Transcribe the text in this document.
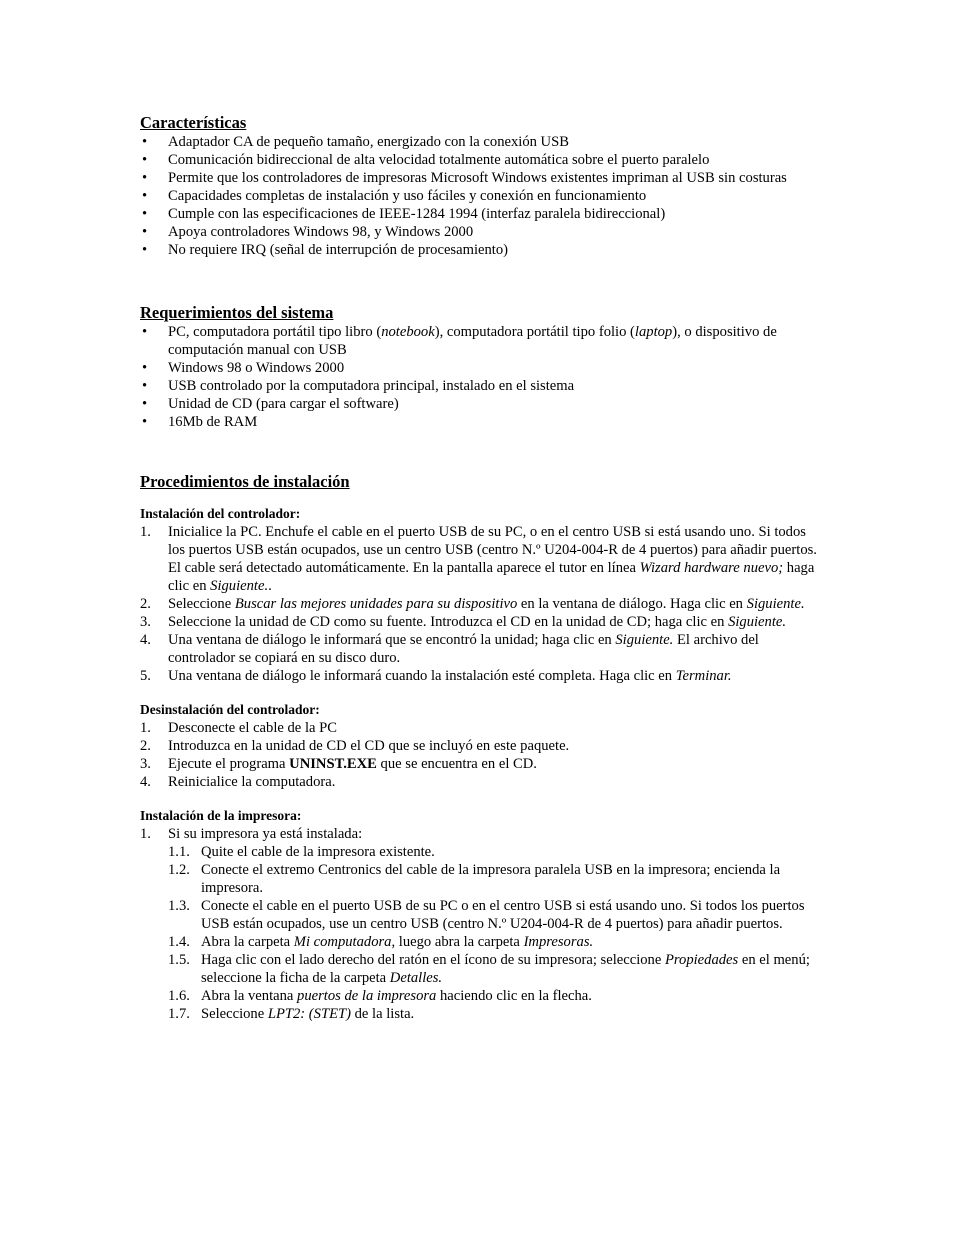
Características
• Adaptador CA de pequeño tamaño, energizado con la conexión USB
• Comunicación bidireccional de alta velocidad totalmente automática sobre el puerto paralelo
• Permite que los controladores de impresoras Microsoft Windows existentes impriman al USB sin costuras
• Capacidades completas de instalación y uso fáciles y conexión en funcionamiento
• Cumple con las especificaciones de IEEE-1284 1994 (interfaz paralela bidireccional)
• Apoya controladores Windows 98, y Windows 2000
• No requiere IRQ (señal de interrupción de procesamiento)
Requerimientos del sistema
• PC, computadora portátil tipo libro (notebook), computadora portátil tipo folio (laptop), o dispositivo de computación manual con USB
• Windows 98 o Windows 2000
• USB controlado por la computadora principal, instalado en el sistema
• Unidad de CD (para cargar el software)
• 16Mb de RAM
Procedimientos de instalación
Instalación del controlador:
1. Inicialice la PC. Enchufe el cable en el puerto USB de su PC, o en el centro USB si está usando uno. Si todos los puertos USB están ocupados, use un centro USB (centro N.º U204-004-R de 4 puertos) para añadir puertos. El cable será detectado automáticamente. En la pantalla aparece el tutor en línea Wizard hardware nuevo; haga clic en Siguiente..
2. Seleccione Buscar las mejores unidades para su dispositivo en la ventana de diálogo. Haga clic en Siguiente.
3. Seleccione la unidad de CD como su fuente. Introduzca el CD en la unidad de CD; haga clic en Siguiente.
4. Una ventana de diálogo le informará que se encontró la unidad; haga clic en Siguiente. El archivo del controlador se copiará en su disco duro.
5. Una ventana de diálogo le informará cuando la instalación esté completa. Haga clic en Terminar.
Desinstalación del controlador:
1. Desconecte el cable de la PC
2. Introduzca en la unidad de CD el CD que se incluyó en este paquete.
3. Ejecute el programa UNINST.EXE que se encuentra en el CD.
4. Reinicialice la computadora.
Instalación de la impresora:
1. Si su impresora ya está instalada:
1.1. Quite el cable de la impresora existente.
1.2. Conecte el extremo Centronics del cable de la impresora paralela USB en la impresora; encienda la impresora.
1.3. Conecte el cable en el puerto USB de su PC o en el centro USB si está usando uno. Si todos los puertos USB están ocupados, use un centro USB (centro N.º U204-004-R de 4 puertos) para añadir puertos.
1.4. Abra la carpeta Mi computadora, luego abra la carpeta Impresoras.
1.5. Haga clic con el lado derecho del ratón en el ícono de su impresora; seleccione Propiedades en el menú; seleccione la ficha de la carpeta Detalles.
1.6. Abra la ventana puertos de la impresora haciendo clic en la flecha.
1.7. Seleccione LPT2: (STET) de la lista.
